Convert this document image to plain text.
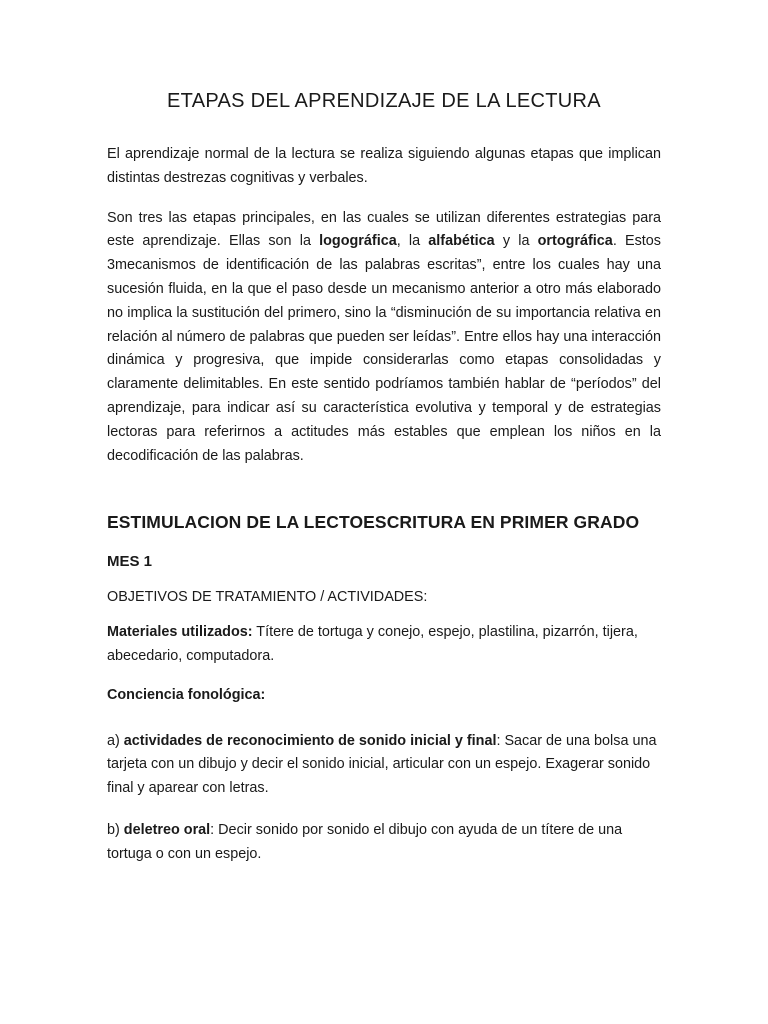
ETAPAS DEL APRENDIZAJE DE LA LECTURA

El aprendizaje normal de la lectura se realiza siguiendo algunas etapas que implican distintas destrezas cognitivas y verbales.

Son tres las etapas principales, en las cuales se utilizan diferentes estrategias para este aprendizaje. Ellas son la logográfica, la alfabética y la ortográfica. Estos 3mecanismos de identificación de las palabras escritas”, entre los cuales hay una sucesión fluida, en la que el paso desde un mecanismo anterior a otro más elaborado no implica la sustitución del primero, sino la “disminución de su importancia relativa en relación al número de palabras que pueden ser leídas”. Entre ellos hay una interacción dinámica y progresiva, que impide considerarlas como etapas consolidadas y claramente delimitables. En este sentido podríamos también hablar de “períodos” del aprendizaje, para indicar así su característica evolutiva y temporal y de estrategias lectoras para referirnos a actitudes más estables que emplean los niños en la decodificación de las palabras.

ESTIMULACION DE LA LECTOESCRITURA EN PRIMER GRADO
MES 1

OBJETIVOS DE TRATAMIENTO / ACTIVIDADES:

Materiales utilizados: Títere de tortuga y conejo, espejo, plastilina, pizarrón, tijera, abecedario, computadora.

Conciencia fonológica:

a) actividades de reconocimiento de sonido inicial y final: Sacar de una bolsa una tarjeta con un dibujo y decir el sonido inicial, articular con un espejo. Exagerar sonido final y aparear con letras.

b) deletreo oral: Decir sonido por sonido el dibujo con ayuda de un títere de una tortuga o con un espejo.
